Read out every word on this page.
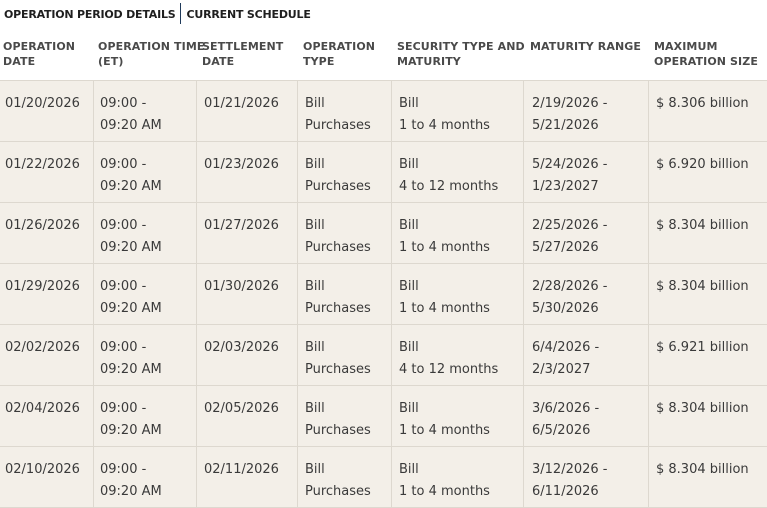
OPERATION PERIOD DETAILS	CURRENT SCHEDULE
OPERATION
DATE
OPERATION TIME
(ET)
SETTLEMENT
DATE
OPERATION
TYPE
SECURITY TYPE AND
MATURITY
MATURITY RANGE MAXIMUM
OPERATION SIZE
01/20/2026 09:00 -
09:20 AM
01/21/2026 Bill
Purchases
Bill
1 to 4 months
2/19/2026 -
5/21/2026
$ 8.306 billion
01/22/2026 09:00 -
09:20 AM
01/23/2026 Bill
Purchases
Bill
4 to 12 months
5/24/2026 -
1/23/2027
$ 6.920 billion
01/26/2026 09:00 -
09:20 AM
01/27/2026 Bill
Purchases
Bill
1 to 4 months
2/25/2026 -
5/27/2026
$ 8.304 billion
01/29/2026 09:00 -
09:20 AM
01/30/2026 Bill
Purchases
Bill
1 to 4 months
2/28/2026 -
5/30/2026
$ 8.304 billion
02/02/2026 09:00 -
09:20 AM
02/03/2026 Bill
Purchases
Bill
4 to 12 months
6/4/2026 -
2/3/2027
$ 6.921 billion
02/04/2026 09:00 -
09:20 AM
02/05/2026 Bill
Purchases
Bill
1 to 4 months
3/6/2026 -
6/5/2026
$ 8.304 billion
02/10/2026 09:00 -
09:20 AM
02/11/2026 Bill
Purchases
Bill
1 to 4 months
3/12/2026 -
6/11/2026
$ 8.304 billion
